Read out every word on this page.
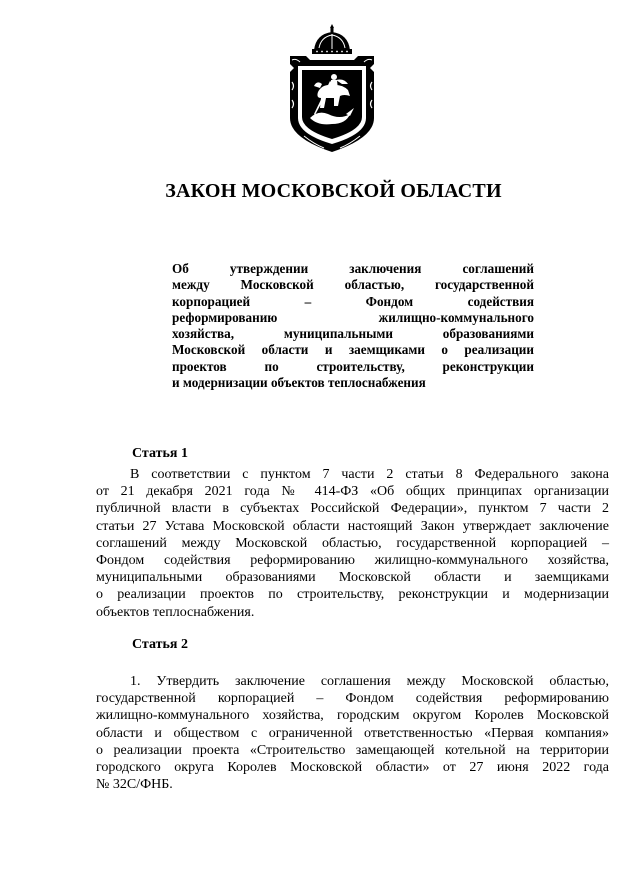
ЗАКОН МОСКОВСКОЙ ОБЛАСТИ
Об утверждении заключения соглашений
между Московской областью, государственной
корпорацией – Фондом содействия
реформированию жилищно-коммунального
хозяйства, муниципальными образованиями
Московской области и заемщиками о реализации
проектов по строительству, реконструкции
и модернизации объектов теплоснабжения
Статья 1
В соответствии с пунктом 7 части 2 статьи 8 Федерального закона
от 21 декабря 2021 года № 414-ФЗ «Об общих принципах организации
публичной власти в субъектах Российской Федерации», пунктом 7 части 2
статьи 27 Устава Московской области настоящий Закон утверждает заключение
соглашений между Московской областью, государственной корпорацией –
Фондом содействия реформированию жилищно-коммунального хозяйства,
муниципальными образованиями Московской области и заемщиками
о реализации проектов по строительству, реконструкции и модернизации
объектов теплоснабжения.
Статья 2
1. Утвердить заключение соглашения между Московской областью,
государственной корпорацией – Фондом содействия реформированию
жилищно-коммунального хозяйства, городским округом Королев Московской
области и обществом с ограниченной ответственностью «Первая компания»
о реализации проекта «Строительство замещающей котельной на территории
городского округа Королев Московской области» от 27 июня 2022 года
№ 32С/ФНБ.
